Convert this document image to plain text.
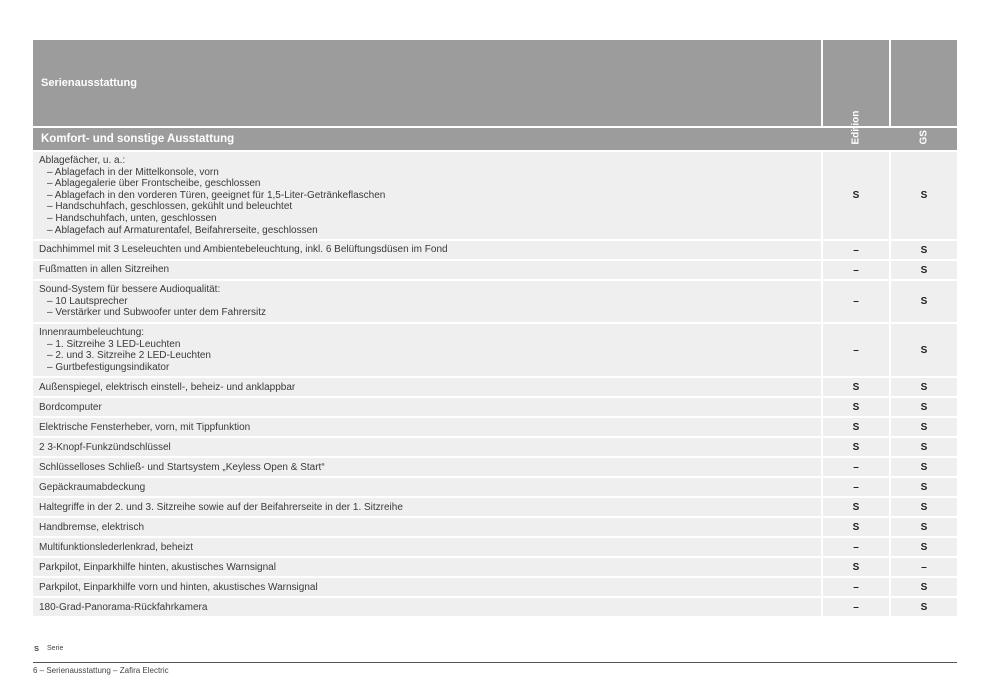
Serienausstattung
Edition	GS
Komfort- und sonstige Ausstattung
Ablagefächer, u. a.:
– Ablagefach in der Mittelkonsole, vorn
– Ablagegalerie über Frontscheibe, geschlossen
– Ablagefach in den vorderen Türen, geeignet für 1,5-Liter-Getränkeflaschen
– Handschuhfach, geschlossen, gekühlt und beleuchtet
– Handschuhfach, unten, geschlossen
– Ablagefach auf Armaturentafel, Beifahrerseite, geschlossen
S	S
Dachhimmel mit 3 Leseleuchten und Ambientebeleuchtung, inkl. 6 Belüftungsdüsen im Fond	–	S
Fußmatten in allen Sitzreihen	–	S
Sound-System für bessere Audioqualität:
– 10 Lautsprecher
– Verstärker und Subwoofer unter dem Fahrersitz
–	S
Innenraumbeleuchtung:
– 1. Sitzreihe 3 LED-Leuchten
– 2. und 3. Sitzreihe 2 LED-Leuchten
– Gurtbefestigungsindikator
–	S
Außenspiegel, elektrisch einstell-, beheiz- und anklappbar	S	S
Bordcomputer	S	S
Elektrische Fensterheber, vorn, mit Tippfunktion	S	S
2 3-Knopf-Funkzündschlüssel	S	S
Schlüsselloses Schließ- und Startsystem „Keyless Open & Start“	–	S
Gepäckraumabdeckung	–	S
Haltegriffe in der 2. und 3. Sitzreihe sowie auf der Beifahrerseite in der 1. Sitzreihe	S	S
Handbremse, elektrisch	S	S
Multifunktionslederlenkrad, beheizt	–	S
Parkpilot, Einparkhilfe hinten, akustisches Warnsignal	S	–
Parkpilot, Einparkhilfe vorn und hinten, akustisches Warnsignal	–	S
180-Grad-Panorama-Rückfahrkamera	–	S
S Serie
6 – Serienausstattung – Zafira Electric
